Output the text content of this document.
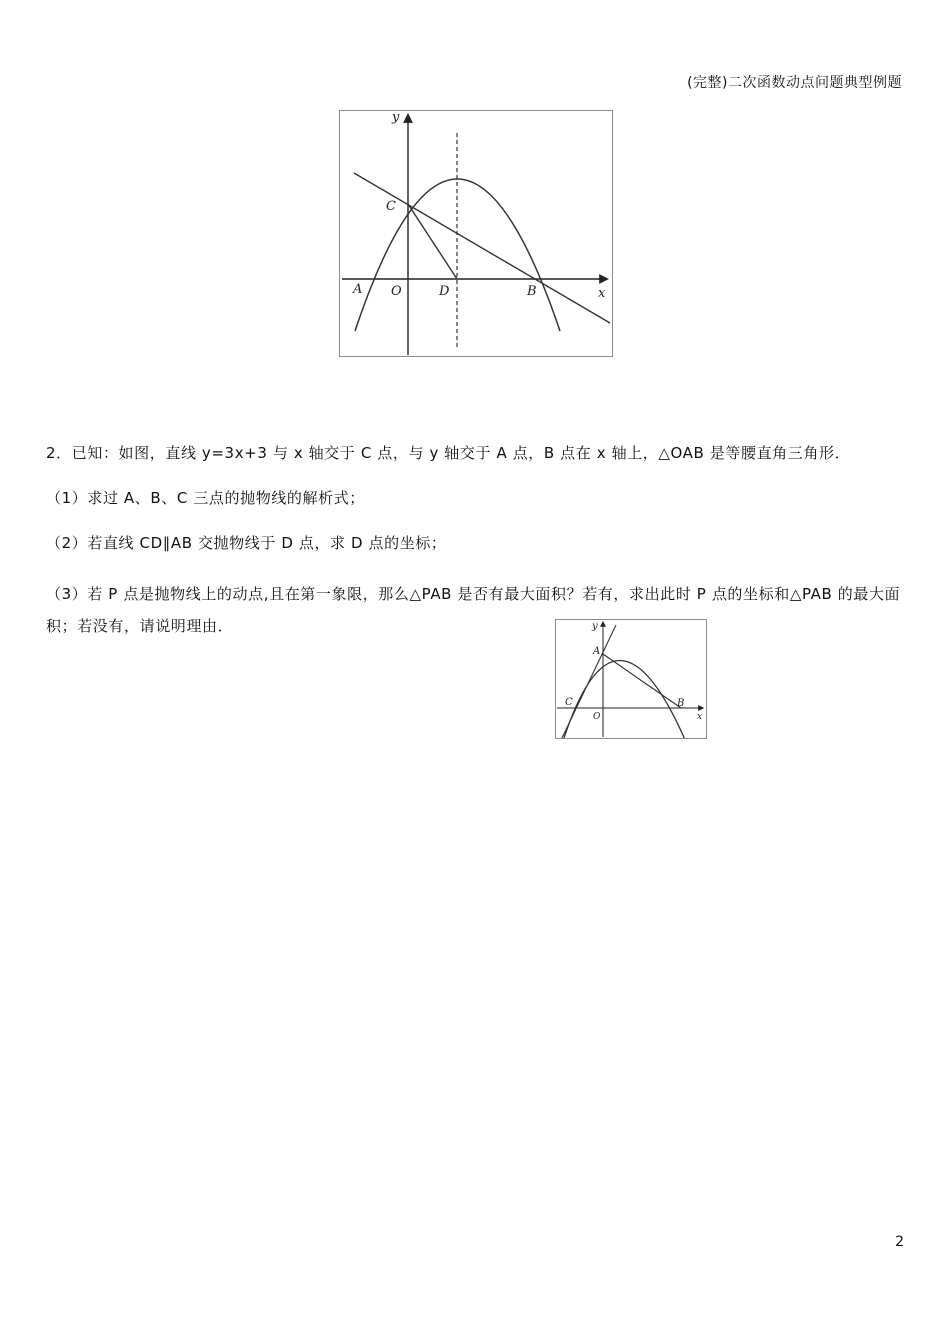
(完整)二次函数动点问题典型例题
y
x
C
A O	D	B
2．已知：如图，直线 y=3x+3 与 x 轴交于 C 点，与 y 轴交于 A 点，B 点在 x 轴上，△OAB 是等腰直角三角形．
（1）求过 A、B、C 三点的抛物线的解析式；
（2）若直线 CD∥AB 交抛物线于 D 点，求 D 点的坐标；
（3）若 P 点是抛物线上的动点,且在第一象限，那么△PAB 是否有最大面积？若有，求出此时 P 点的坐标和△PAB 的最大面积；若没有，请说明理由．	y
x
A
C
O
B
2
